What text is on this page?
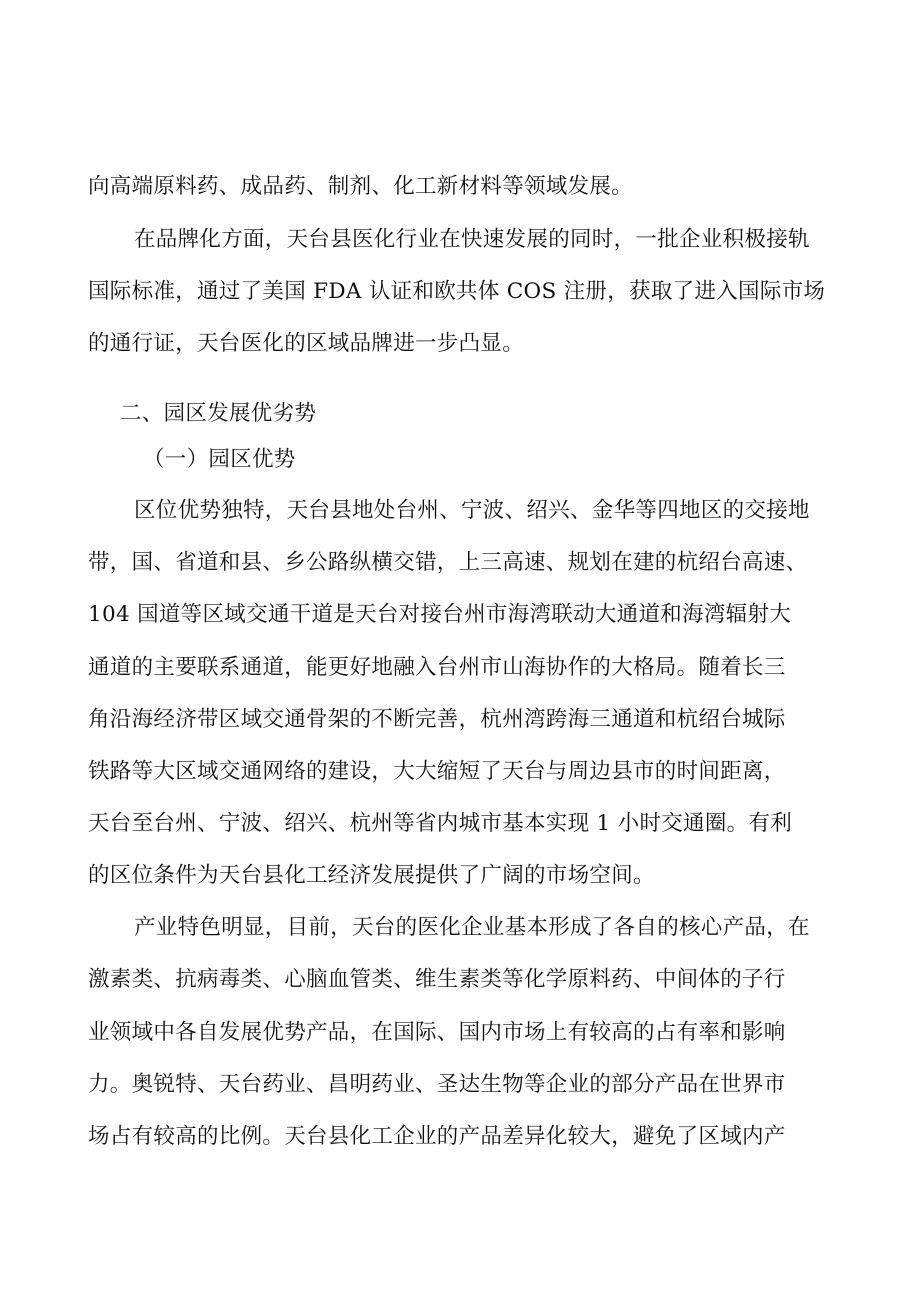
向高端原料药、成品药、制剂、化工新材料等领域发展。
在品牌化方面，天台县医化行业在快速发展的同时，一批企业积极接轨
国际标准，通过了美国 FDA 认证和欧共体 COS 注册，获取了进入国际市场
的通行证，天台医化的区域品牌进一步凸显。
二、园区发展优劣势
（一）园区优势
区位优势独特，天台县地处台州、宁波、绍兴、金华等四地区的交接地
带，国、省道和县、乡公路纵横交错，上三高速、规划在建的杭绍台高速、
104 国道等区域交通干道是天台对接台州市海湾联动大通道和海湾辐射大
通道的主要联系通道，能更好地融入台州市山海协作的大格局。随着长三
角沿海经济带区域交通骨架的不断完善，杭州湾跨海三通道和杭绍台城际
铁路等大区域交通网络的建设，大大缩短了天台与周边县市的时间距离，
天台至台州、宁波、绍兴、杭州等省内城市基本实现 1 小时交通圈。有利
的区位条件为天台县化工经济发展提供了广阔的市场空间。
产业特色明显，目前，天台的医化企业基本形成了各自的核心产品，在
激素类、抗病毒类、心脑血管类、维生素类等化学原料药、中间体的子行
业领域中各自发展优势产品，在国际、国内市场上有较高的占有率和影响
力。奥锐特、天台药业、昌明药业、圣达生物等企业的部分产品在世界市
场占有较高的比例。天台县化工企业的产品差异化较大，避免了区域内产
